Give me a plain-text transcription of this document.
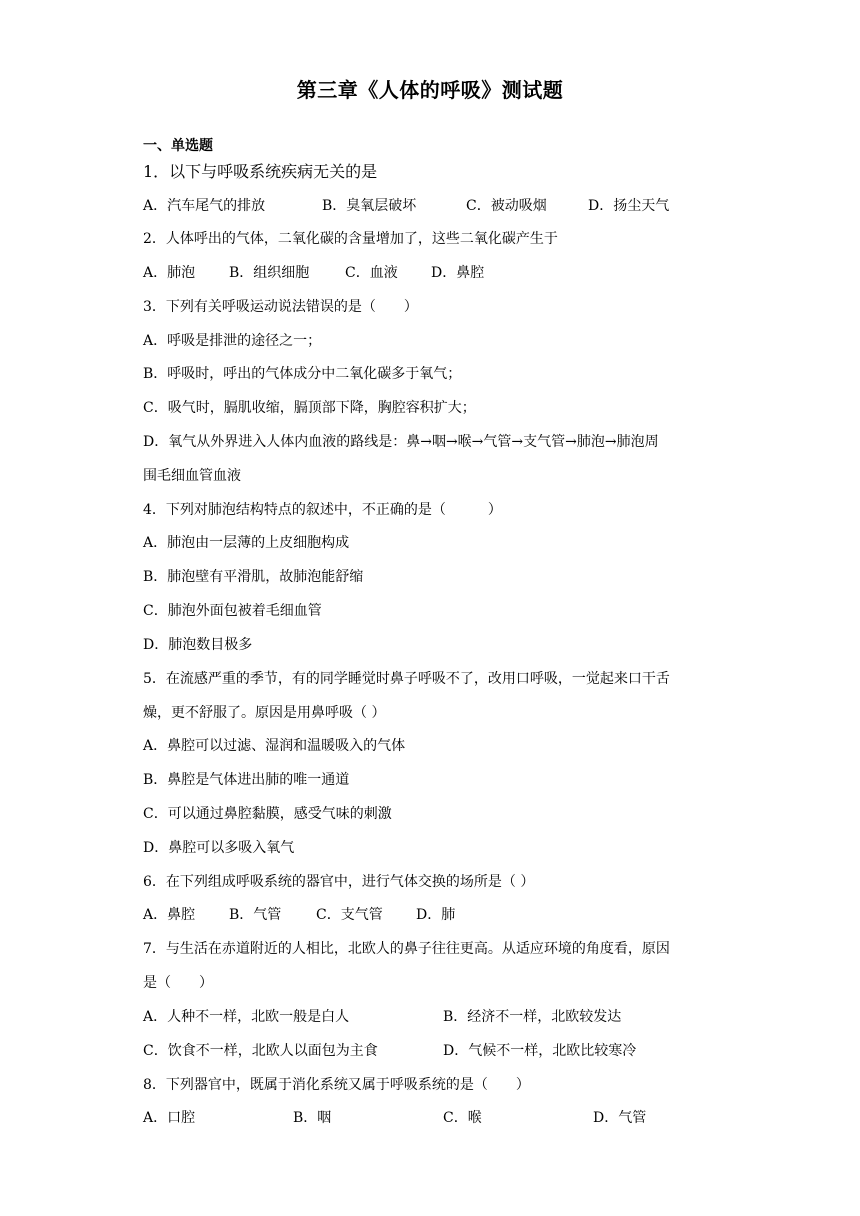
第三章《人体的呼吸》测试题
一、单选题
1．以下与呼吸系统疾病无关的是
A．汽车尾气的排放	B．臭氧层破坏	C．被动吸烟	D．扬尘天气
2．人体呼出的气体，二氧化碳的含量增加了，这些二氧化碳产生于
A．肺泡 B．组织细胞	C．血液 D．鼻腔
3．下列有关呼吸运动说法错误的是（　　）
A．呼吸是排泄的途径之一；
B．呼吸时，呼出的气体成分中二氧化碳多于氧气；
C．吸气时，膈肌收缩，膈顶部下降，胸腔容积扩大；
D．氧气从外界进入人体内血液的路线是：鼻→咽→喉→气管→支气管→肺泡→肺泡周
围毛细血管血液
4．下列对肺泡结构特点的叙述中，不正确的是（　　　）
A．肺泡由一层薄的上皮细胞构成
B．肺泡壁有平滑肌，故肺泡能舒缩
C．肺泡外面包被着毛细血管
D．肺泡数目极多
5．在流感严重的季节，有的同学睡觉时鼻子呼吸不了，改用口呼吸，一觉起来口干舌
燥，更不舒服了。原因是用鼻呼吸（ ）
A．鼻腔可以过滤、湿润和温暖吸入的气体
B．鼻腔是气体进出肺的唯一通道
C．可以通过鼻腔黏膜，感受气味的刺激
D．鼻腔可以多吸入氧气
6．在下列组成呼吸系统的器官中，进行气体交换的场所是（ ）
A．鼻腔 B．气管 C．支气管 D．肺
7．与生活在赤道附近的人相比，北欧人的鼻子往往更高。从适应环境的角度看，原因
是（　　）
A．人种不一样，北欧一般是白人	B．经济不一样，北欧较发达
C．饮食不一样，北欧人以面包为主食	D．气候不一样，北欧比较寒冷
8．下列器官中，既属于消化系统又属于呼吸系统的是（　　）
A．口腔	B．咽	C．喉	D．气管
